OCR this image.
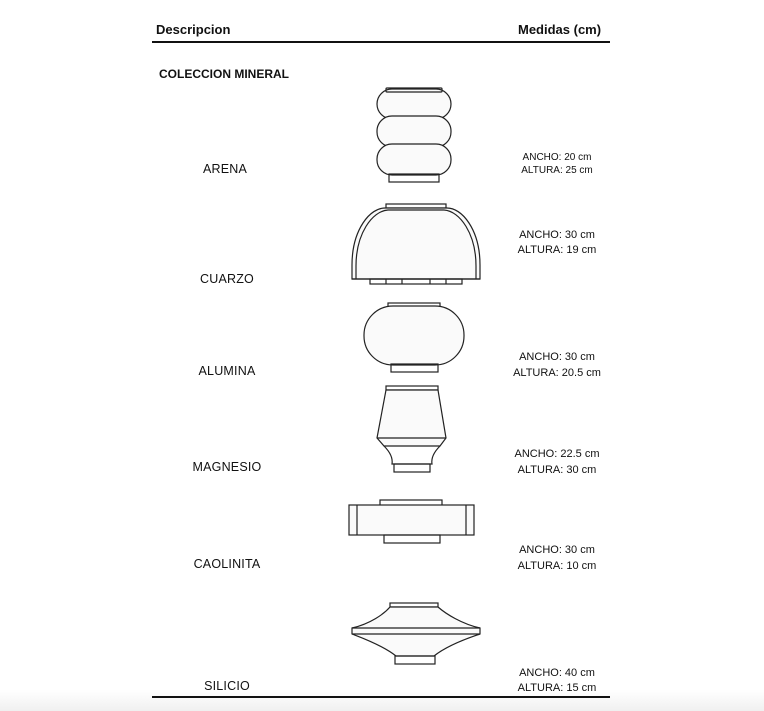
Descripcion	Medidas (cm)
COLECCION MINERAL
ARENA
CUARZO
ALUMINA
MAGNESIO
CAOLINITA
SILICIO
ANCHO: 20 cm
ALTURA: 25 cm
ANCHO: 30 cm
ALTURA: 19 cm
ANCHO: 30 cm
ALTURA: 20.5 cm
ANCHO: 22.5 cm
ALTURA: 30 cm
ANCHO: 30 cm
ALTURA: 10 cm
ANCHO: 40 cm
ALTURA: 15 cm
